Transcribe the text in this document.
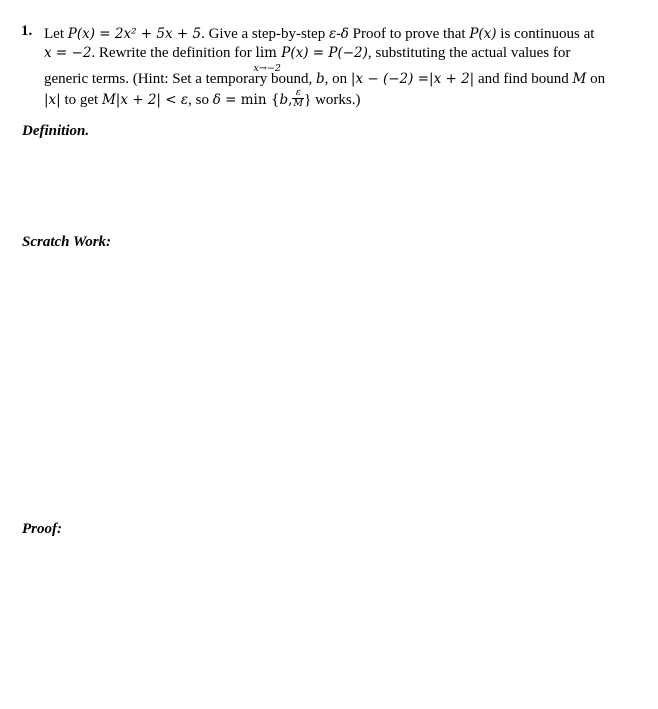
1. Let P(x) = 2x² + 5x + 5. Give a step-by-step ε-δ Proof to prove that P(x) is continuous at
x = −2. Rewrite the definition for lim
x→−2
P(x) = P(−2), substituting the actual values for
generic terms. (Hint: Set a temporary bound, b, on |x − (−2) =|x + 2| and find bound M on
|x| to get M|x + 2| < ε, so δ = min {b, $\frac{\varepsilon}{M}$ } works.)
Definition.
Scratch Work:
Proof:
